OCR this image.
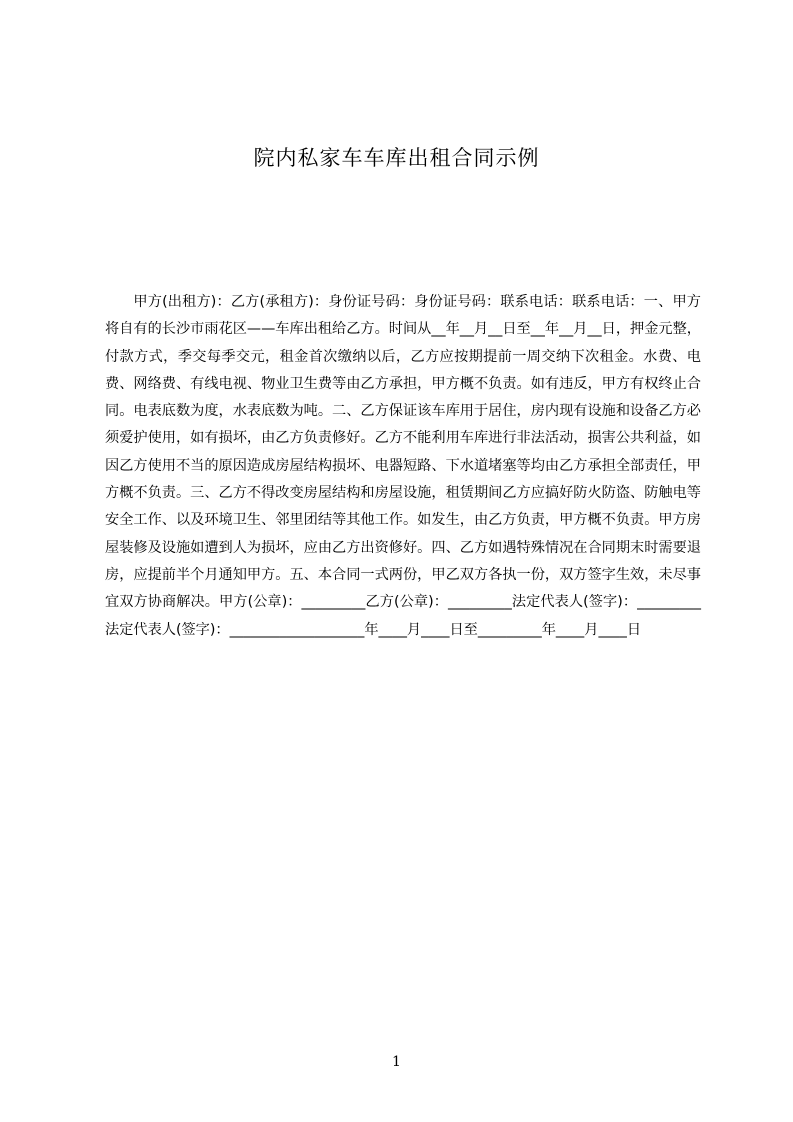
院内私家车车库出租合同示例

甲方(出租方)：乙方(承租方)：身份证号码：身份证号码：联系电话：联系电话：一、甲方将自有的长沙市雨花区——车库出租给乙方。时间从__年__月__日至__年__月__日，押金元整，付款方式，季交每季交元，租金首次缴纳以后，乙方应按期提前一周交纳下次租金。水费、电费、网络费、有线电视、物业卫生费等由乙方承担，甲方概不负责。如有违反，甲方有权终止合同。电表底数为度，水表底数为吨。二、乙方保证该车库用于居住，房内现有设施和设备乙方必须爱护使用，如有损坏，由乙方负责修好。乙方不能利用车库进行非法活动，损害公共利益，如因乙方使用不当的原因造成房屋结构损坏、电器短路、下水道堵塞等均由乙方承担全部责任，甲方概不负责。三、乙方不得改变房屋结构和房屋设施，租赁期间乙方应搞好防火防盗、防触电等安全工作、以及环境卫生、邻里团结等其他工作。如发生，由乙方负责，甲方概不负责。甲方房屋装修及设施如遭到人为损坏，应由乙方出资修好。四、乙方如遇特殊情况在合同期末时需要退房，应提前半个月通知甲方。五、本合同一式两份，甲乙双方各执一份，双方签字生效，未尽事宜双方协商解决。甲方(公章)：_________乙方(公章)：_________法定代表人(签字)：_________法定代表人(签字)：___________________年____月____日至_________年____月____日

1
